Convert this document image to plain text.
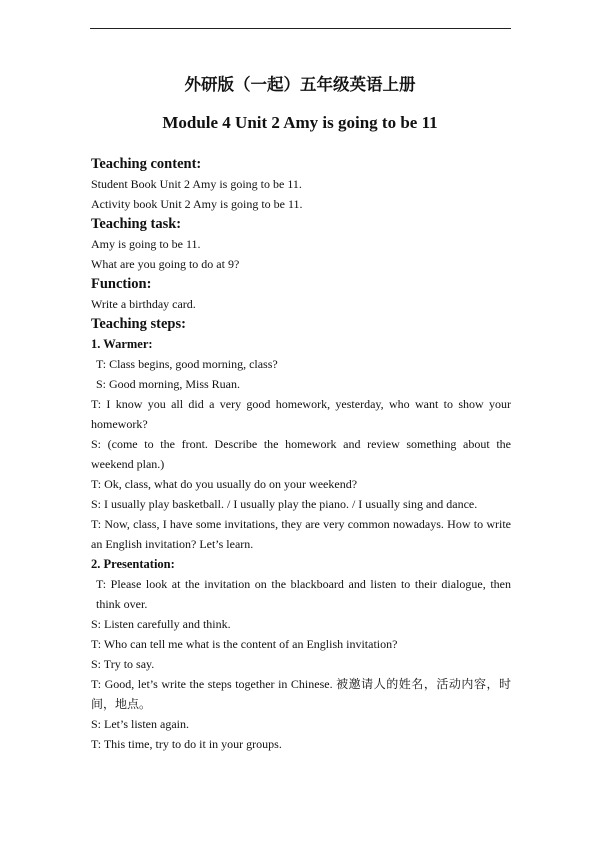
外研版（一起）五年级英语上册
Module 4 Unit 2 Amy is going to be 11
Teaching content:
Student Book Unit 2 Amy is going to be 11.
Activity book Unit 2 Amy is going to be 11.
Teaching task:
Amy is going to be 11.
What are you going to do at 9?
Function:
Write a birthday card.
Teaching steps:
1. Warmer:
T: Class begins, good morning, class?
S: Good morning, Miss Ruan.
T: I know you all did a very good homework, yesterday, who want to show your homework?
S: (come to the front. Describe the homework and review something about the weekend plan.)
T: Ok, class, what do you usually do on your weekend?
S: I usually play basketball. / I usually play the piano. / I usually sing and dance.
T: Now, class, I have some invitations, they are very common nowadays. How to write an English invitation? Let’s learn.
2. Presentation:
T: Please look at the invitation on the blackboard and listen to their dialogue, then think over.
S: Listen carefully and think.
T: Who can tell me what is the content of an English invitation?
S: Try to say.
T: Good, let’s write the steps together in Chinese. 被邀请人的姓名，活动内容，时间，地点。
S: Let’s listen again.
T: This time, try to do it in your groups.
